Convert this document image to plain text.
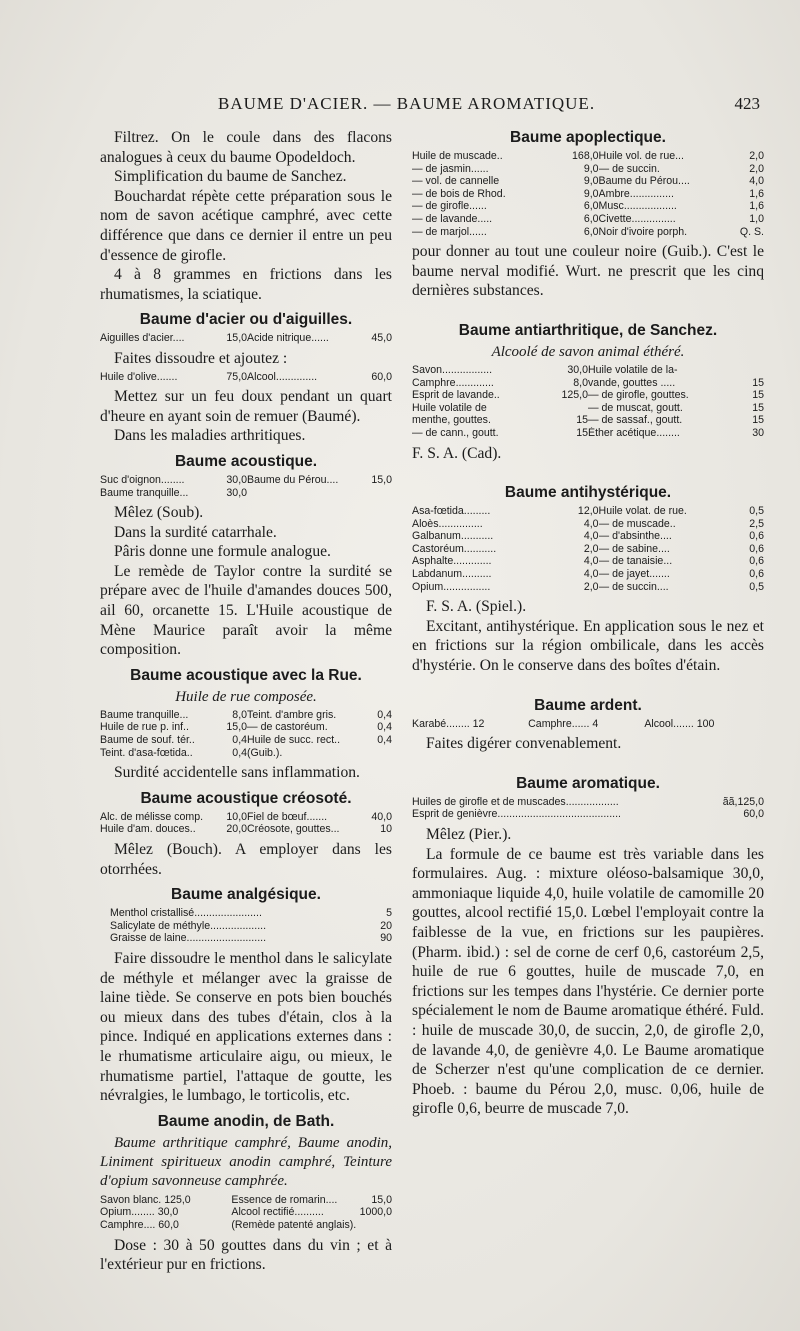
BAUME D'ACIER. — BAUME AROMATIQUE.	423

Filtrez. On le coule dans des flacons analogues à ceux du baume Opodeldoch.

Simplification du baume de Sanchez.

Bouchardat répète cette préparation sous le nom de savon acétique camphré, avec cette différence que dans ce dernier il entre un peu d'essence de girofle.

4 à 8 grammes en frictions dans les rhumatismes, la sciatique.

Baume d'acier ou d'aiguilles.
Aiguilles d'acier....	15,0 Acide nitrique......	45,0

Faites dissoudre et ajoutez :

Huile d'olive.......	75,0 Alcool..............	60,0

Mettez sur un feu doux pendant un quart d'heure en ayant soin de remuer (Baumé).

Dans les maladies arthritiques.

Baume acoustique.
Suc d'oignon........	30,0 Baume du Pérou....	15,0
Baume tranquille...	30,0

Mêlez (Soub).

Dans la surdité catarrhale.

Pâris donne une formule analogue.

Le remède de Taylor contre la surdité se prépare avec de l'huile d'amandes douces 500, ail 60, orcanette 15. L'Huile acoustique de Mène Maurice paraît avoir la même composition.

Baume acoustique avec la Rue.
Huile de rue composée.
Baume tranquille...	8,0 Teint. d'ambre gris.	0,4
Huile de rue p. inf..	15,0 — de castoréum.	0,4
Baume de souf. tér..	0,4 Huile de succ. rect..	0,4
Teint. d'asa-fœtida..	0,4 (Guib.).

Surdité accidentelle sans inflammation.

Baume acoustique créosoté.
Alc. de mélisse comp. 10,0 Fiel de bœuf.......	40,0
Huile d'am. douces..	20,0 Créosote, gouttes...	10

Mêlez (Bouch). A employer dans les otorrhées.

Baume analgésique.
Menthol cristallisé.......................	5
Salicylate de méthyle...................	20
Graisse de laine...........................	90

Faire dissoudre le menthol dans le salicylate de méthyle et mélanger avec la graisse de laine tiède. Se conserve en pots bien bouchés ou mieux dans des tubes d'étain, clos à la pince. Indiqué en applications externes dans : le rhumatisme articulaire aigu, ou mieux, le rhumatisme partiel, l'attaque de goutte, les névralgies, le lumbago, le torticolis, etc.

Baume anodin, de Bath.
Baume arthritique camphré, Baume anodin, Liniment spiritueux anodin camphré, Teinture d'opium savonneuse camphrée.
Savon blanc. 125,0	Essence de romarin....	15,0
Opium........ 30,0	Alcool rectifié..........	1000,0
Camphre.... 60,0	(Remède patenté anglais).

Dose : 30 à 50 gouttes dans du vin ; et à l'extérieur pur en frictions.

Baume apoplectique.
Huile de muscade..	168,0 Huile vol. de rue...	2,0
— de jasmin......	9,0 — de succin.	2,0
— vol. de cannelle	9,0 Baume du Pérou....	4,0
— de bois de Rhod.	9,0 Ambre...............	1,6
— de girofle......	6,0 Musc..................	1,6
— de lavande.....	6,0 Civette...............	1,0
— de marjol......	6,0 Noir d'ivoire porph.	Q. S.

pour donner au tout une couleur noire (Guib.). C'est le baume nerval modifié. Wurt. ne prescrit que les cinq dernières substances.

Baume antiarthritique, de Sanchez.
Alcoolé de savon animal éthéré.
Savon.................	30,0 Huile volatile de la-
Camphre.............	8,0 vande, gouttes .....	15
Esprit de lavande..	125,0 — de girofle, gouttes.	15
Huile volatile de	— de muscat, goutt.	15
menthe, gouttes.	15 — de sassaf., goutt.	15
— de cann., goutt.	15 Éther acétique........	30

F. S. A. (Cad).

Baume antihystérique.
Asa-fœtida.........	12,0 Huile volat. de rue.	0,5
Aloès...............	4,0 — de muscade..	2,5
Galbanum...........	4,0 — d'absinthe....	0,6
Castoréum...........	2,0 — de sabine....	0,6
Asphalte.............	4,0 — de tanaisie...	0,6
Labdanum..........	4,0 — de jayet.......	0,6
Opium................	2,0 — de succin....	0,5

F. S. A. (Spiel.).

Excitant, antihystérique. En application sous le nez et en frictions sur la région ombilicale, dans les accès d'hystérie. On le conserve dans des boîtes d'étain.

Baume ardent.
Karabé........ 12	Camphre...... 4	Alcool....... 100

Faites digérer convenablement.

Baume aromatique.
Huiles de girofle et de muscades..................	ãã,125,0
Esprit de genièvre..........................................	60,0

Mêlez (Pier.).

La formule de ce baume est très variable dans les formulaires. Aug. : mixture oléoso-balsamique 30,0, ammoniaque liquide 4,0, huile volatile de camomille 20 gouttes, alcool rectifié 15,0. Lœbel l'employait contre la faiblesse de la vue, en frictions sur les paupières. (Pharm. ibid.) : sel de corne de cerf 0,6, castoréum 2,5, huile de rue 6 gouttes, huile de muscade 7,0, en frictions sur les tempes dans l'hystérie. Ce dernier porte spécialement le nom de Baume aromatique éthéré. Fuld. : huile de muscade 30,0, de succin, 2,0, de girofle 2,0, de lavande 4,0, de genièvre 4,0. Le Baume aromatique de Scherzer n'est qu'une complication de ce dernier. Phoeb. : baume du Pérou 2,0, musc. 0,06, huile de girofle 0,6, beurre de muscade 7,0.
